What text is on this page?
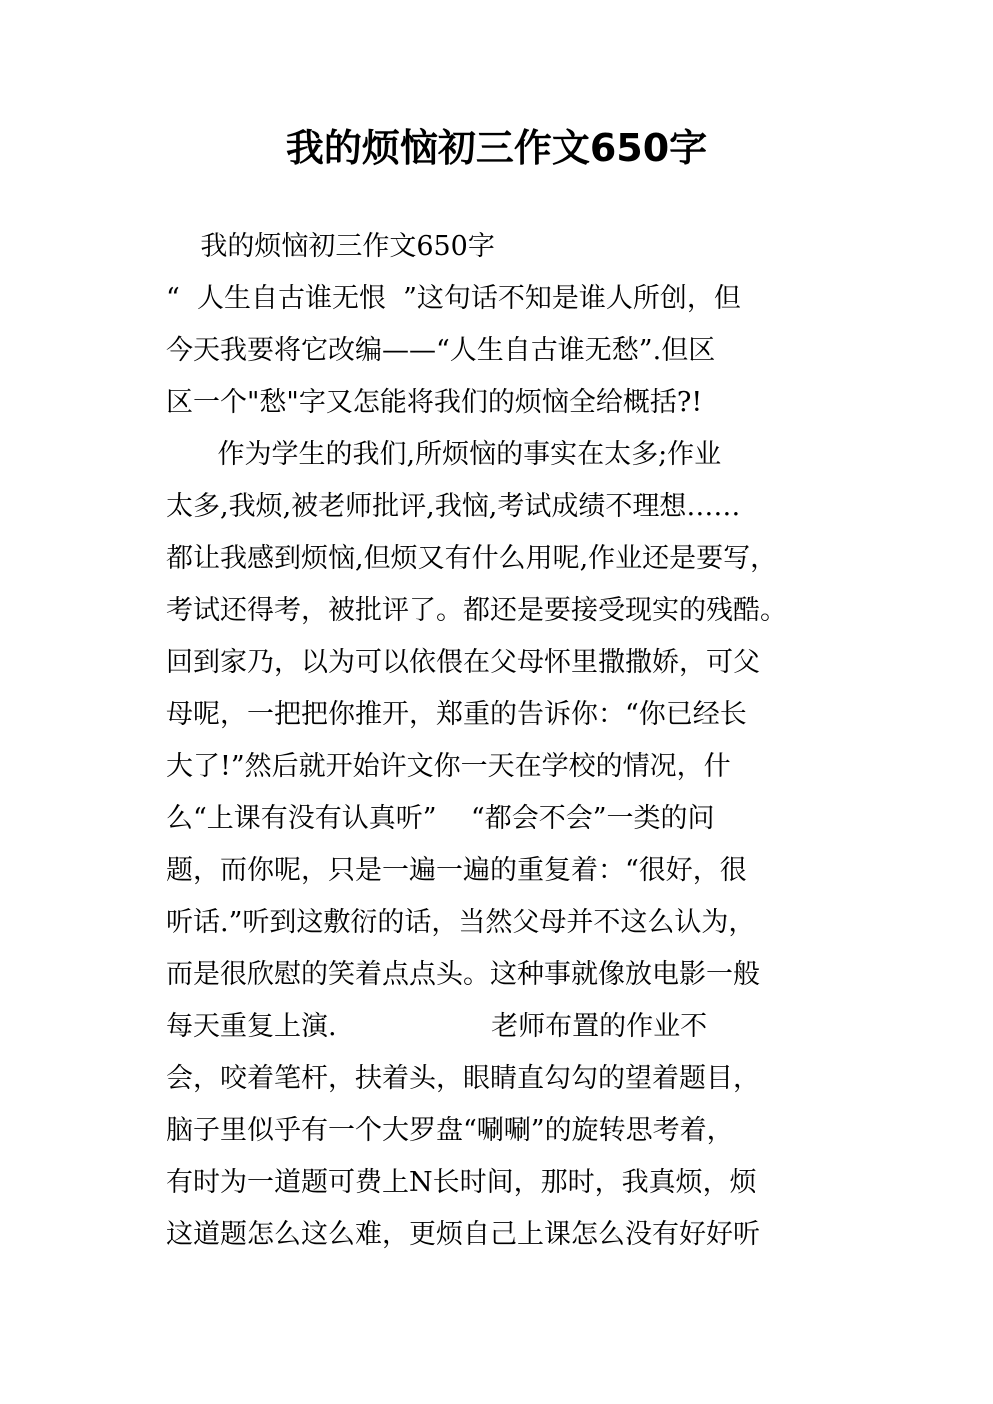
我的烦恼初三作文650字
我的烦恼初三作文650字
“  人生自古谁无恨  ”这句话不知是谁人所创，但
今天我要将它改编——“人生自古谁无愁”.但区
区一个"愁"字又怎能将我们的烦恼全给概括?!
作为学生的我们,所烦恼的事实在太多;作业
太多,我烦,被老师批评,我恼,考试成绩不理想……
都让我感到烦恼,但烦又有什么用呢,作业还是要写，
考试还得考，被批评了。都还是要接受现实的残酷。
回到家乃，以为可以依偎在父母怀里撒撒娇，可父
母呢，一把把你推开，郑重的告诉你：“你已经长
大了!”然后就开始许文你一天在学校的情况，什
么“上课有没有认真听”    “都会不会”一类的问
题，而你呢，只是一遍一遍的重复着：“很好，很
听话.”听到这敷衍的话，当然父母并不这么认为，
而是很欣慰的笑着点点头。这种事就像放电影一般
每天重复上演.                  老师布置的作业不
会，咬着笔杆，扶着头，眼睛直勾勾的望着题目，
脑子里似乎有一个大罗盘“唰唰”的旋转思考着，
有时为一道题可费上N长时间，那时，我真烦，烦
这道题怎么这么难，更烦自己上课怎么没有好好听
